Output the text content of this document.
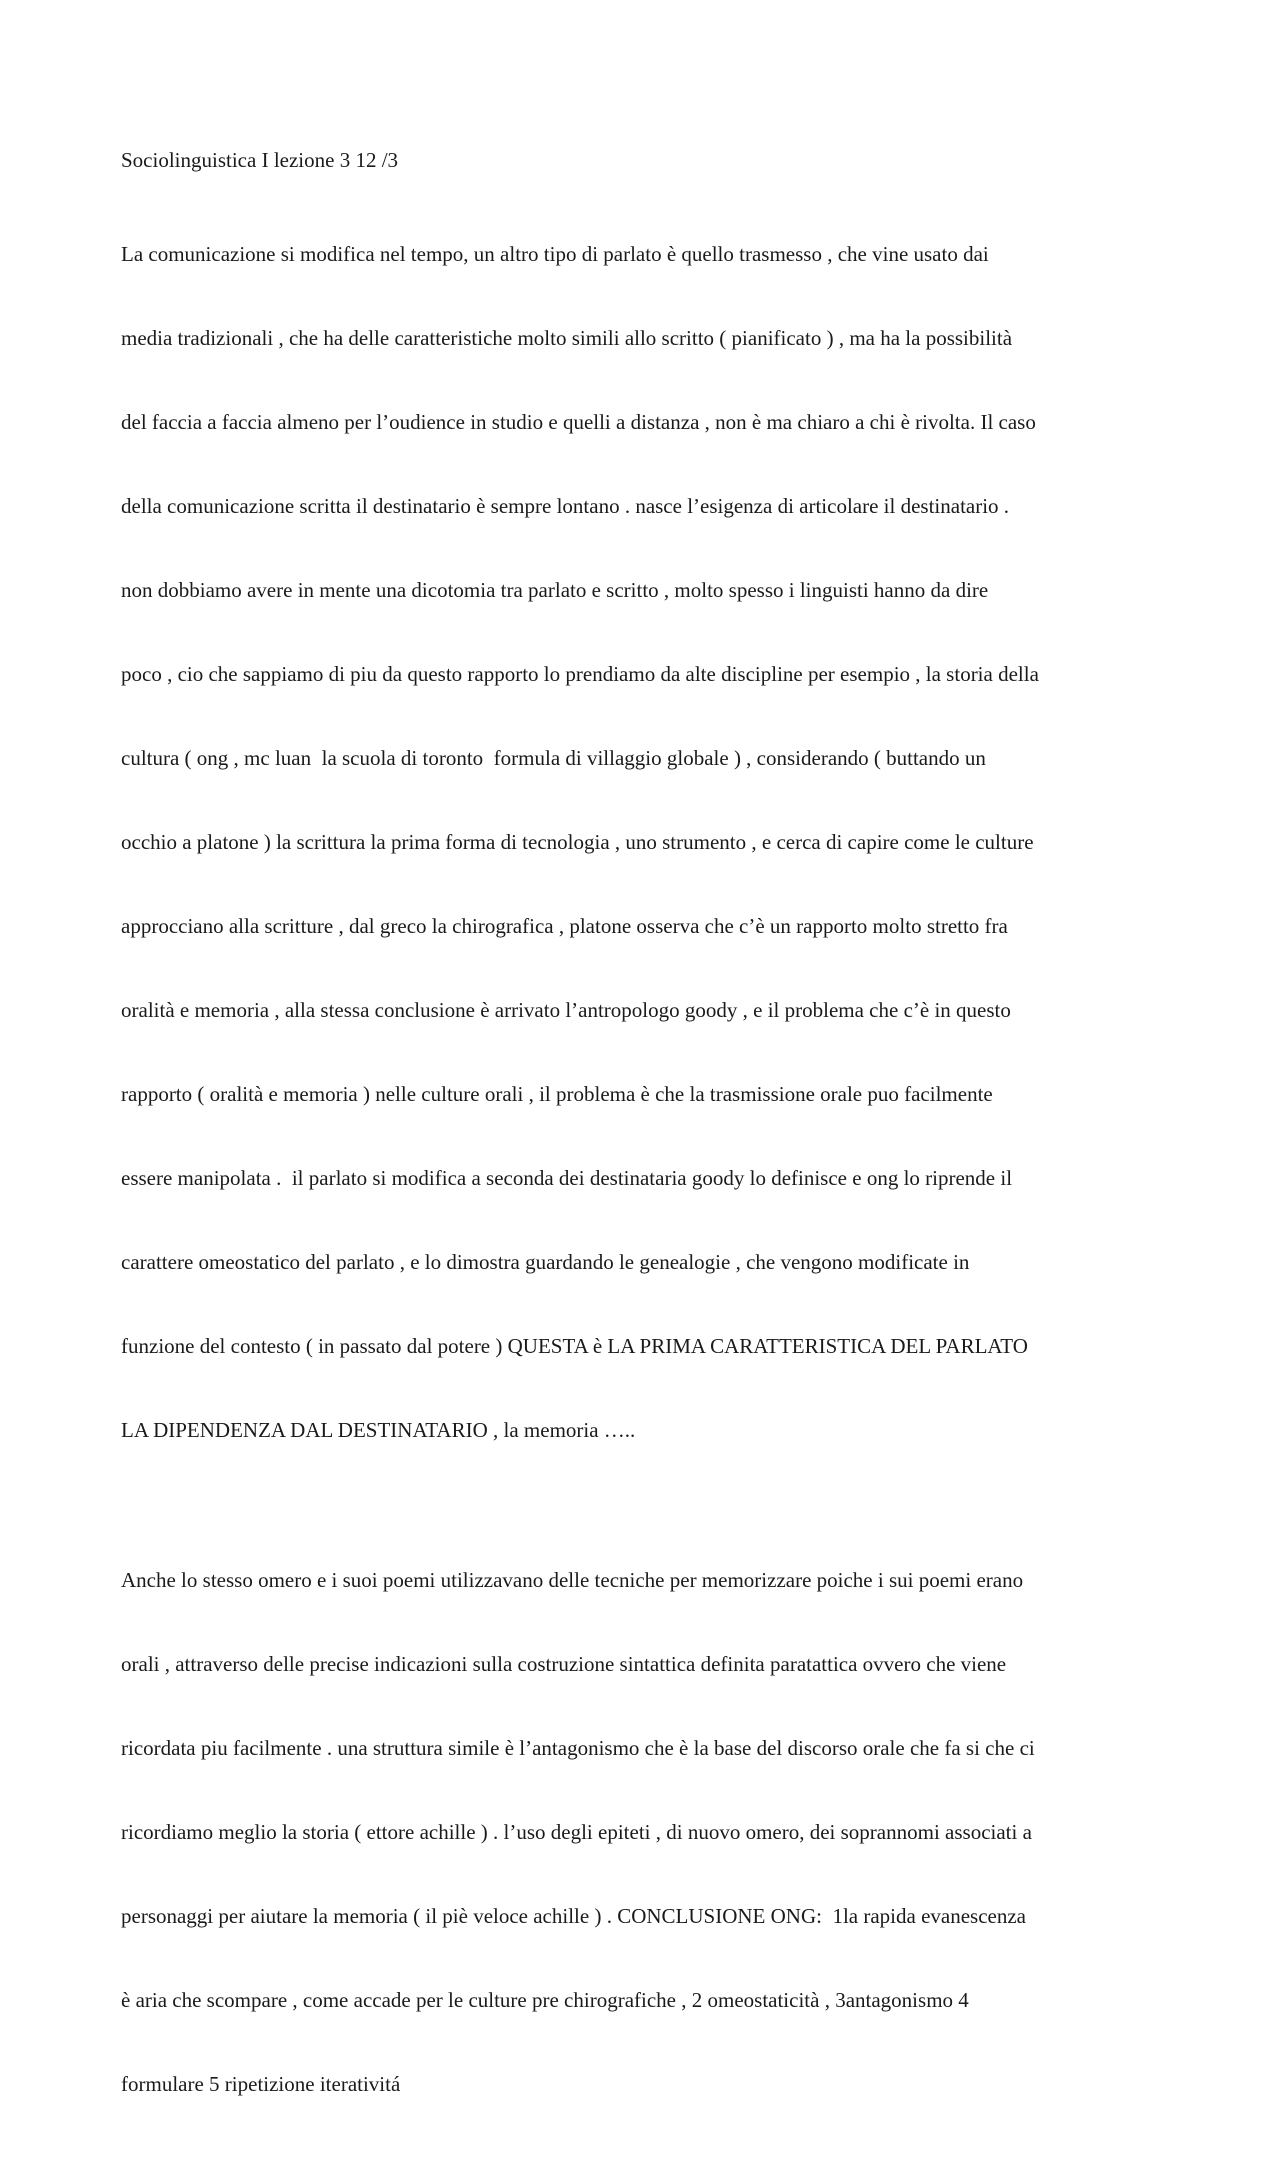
Sociolinguistica I lezione 3 12 /3

La comunicazione si modifica nel tempo, un altro tipo di parlato è quello trasmesso , che vine usato dai

media tradizionali , che ha delle caratteristiche molto simili allo scritto ( pianificato ) , ma ha la possibilità

del faccia a faccia almeno per l’oudience in studio e quelli a distanza , non è ma chiaro a chi è rivolta. Il caso

della comunicazione scritta il destinatario è sempre lontano . nasce l’esigenza di articolare il destinatario .

non dobbiamo avere in mente una dicotomia tra parlato e scritto , molto spesso i linguisti hanno da dire

poco , cio che sappiamo di piu da questo rapporto lo prendiamo da alte discipline per esempio , la storia della

cultura ( ong , mc luan  la scuola di toronto  formula di villaggio globale ) , considerando ( buttando un

occhio a platone ) la scrittura la prima forma di tecnologia , uno strumento , e cerca di capire come le culture

approcciano alla scritture , dal greco la chirografica , platone osserva che c’è un rapporto molto stretto fra

oralità e memoria , alla stessa conclusione è arrivato l’antropologo goody , e il problema che c’è in questo

rapporto ( oralità e memoria ) nelle culture orali , il problema è che la trasmissione orale puo facilmente

essere manipolata .  il parlato si modifica a seconda dei destinataria goody lo definisce e ong lo riprende il

carattere omeostatico del parlato , e lo dimostra guardando le genealogie , che vengono modificate in

funzione del contesto ( in passato dal potere ) QUESTA è LA PRIMA CARATTERISTICA DEL PARLATO

LA DIPENDENZA DAL DESTINATARIO , la memoria …..

Anche lo stesso omero e i suoi poemi utilizzavano delle tecniche per memorizzare poiche i sui poemi erano

orali , attraverso delle precise indicazioni sulla costruzione sintattica definita paratattica ovvero che viene

ricordata piu facilmente . una struttura simile è l’antagonismo che è la base del discorso orale che fa si che ci

ricordiamo meglio la storia ( ettore achille ) . l’uso degli epiteti , di nuovo omero, dei soprannomi associati a

personaggi per aiutare la memoria ( il piè veloce achille ) . CONCLUSIONE ONG:  1la rapida evanescenza

è aria che scompare , come accade per le culture pre chirografiche , 2 omeostaticità , 3antagonismo 4

formulare 5 ripetizione iterativitá
